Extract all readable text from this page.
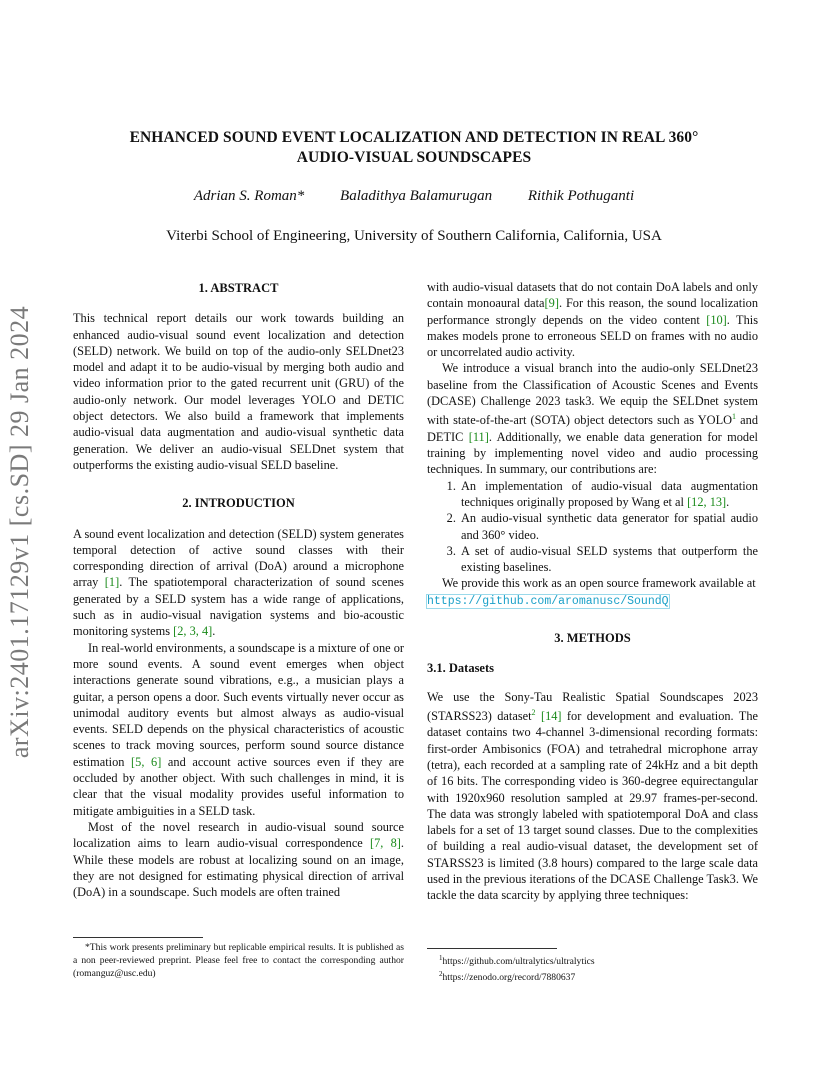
arXiv:2401.17129v1 [cs.SD] 29 Jan 2024
ENHANCED SOUND EVENT LOCALIZATION AND DETECTION IN REAL 360°
AUDIO-VISUAL SOUNDSCAPES
Adrian S. Roman* Baladithya Balamurugan Rithik Pothuganti
Viterbi School of Engineering, University of Southern California, California, USA

1. ABSTRACT

This technical report details our work towards building an enhanced audio-visual sound event localization and detection (SELD) network. We build on top of the audio-only SELDnet23 model and adapt it to be audio-visual by merging both audio and video information prior to the gated recurrent unit (GRU) of the audio-only network. Our model leverages YOLO and DETIC object detectors. We also build a framework that implements audio-visual data augmentation and audio-visual synthetic data generation. We deliver an audio-visual SELDnet system that outperforms the existing audio-visual SELD baseline.

2. INTRODUCTION

A sound event localization and detection (SELD) system generates temporal detection of active sound classes with their corresponding direction of arrival (DoA) around a microphone array [1]. The spatiotemporal characterization of sound scenes generated by a SELD system has a wide range of applications, such as in audio-visual navigation systems and bio-acoustic monitoring systems [2, 3, 4].

In real-world environments, a soundscape is a mixture of one or more sound events. A sound event emerges when object interactions generate sound vibrations, e.g., a musician plays a guitar, a person opens a door. Such events virtually never occur as unimodal auditory events but almost always as audio-visual events. SELD depends on the physical characteristics of acoustic scenes to track moving sources, perform sound source distance estimation [5, 6] and account active sources even if they are occluded by another object. With such challenges in mind, it is clear that the visual modality provides useful information to mitigate ambiguities in a SELD task.

Most of the novel research in audio-visual sound source localization aims to learn audio-visual correspondence [7, 8]. While these models are robust at localizing sound on an image, they are not designed for estimating physical direction of arrival (DoA) in a soundscape. Such models are often trained

*This work presents preliminary but replicable empirical results. It is published as a non peer-reviewed preprint. Please feel free to contact the corresponding author (romanguz@usc.edu)

with audio-visual datasets that do not contain DoA labels and only contain monoaural data[9]. For this reason, the sound localization performance strongly depends on the video content [10]. This makes models prone to erroneous SELD on frames with no audio or uncorrelated audio activity.

We introduce a visual branch into the audio-only SELDnet23 baseline from the Classification of Acoustic Scenes and Events (DCASE) Challenge 2023 task3. We equip the SELDnet system with state-of-the-art (SOTA) object detectors such as YOLO$^1$ and DETIC [11]. Additionally, we enable data generation for model training by implementing novel video and audio processing techniques. In summary, our contributions are:

1. An implementation of audio-visual data augmentation techniques originally proposed by Wang et al [12, 13].
2. An audio-visual synthetic data generator for spatial audio and 360° video.
3. A set of audio-visual SELD systems that outperform the existing baselines.

We provide this work as an open source framework available at https://github.com/aromanusc/SoundQ

3. METHODS

3.1. Datasets

We use the Sony-Tau Realistic Spatial Soundscapes 2023 (STARSS23) dataset$^2$ [14] for development and evaluation. The dataset contains two 4-channel 3-dimensional recording formats: first-order Ambisonics (FOA) and tetrahedral microphone array (tetra), each recorded at a sampling rate of 24kHz and a bit depth of 16 bits. The corresponding video is 360-degree equirectangular with 1920x960 resolution sampled at 29.97 frames-per-second. The data was strongly labeled with spatiotemporal DoA and class labels for a set of 13 target sound classes. Due to the complexities of building a real audio-visual dataset, the development set of STARSS23 is limited (3.8 hours) compared to the large scale data used in the previous iterations of the DCASE Challenge Task3. We tackle the data scarcity by applying three techniques:

$^1$https://github.com/ultralytics/ultralytics

$^2$https://zenodo.org/record/7880637
